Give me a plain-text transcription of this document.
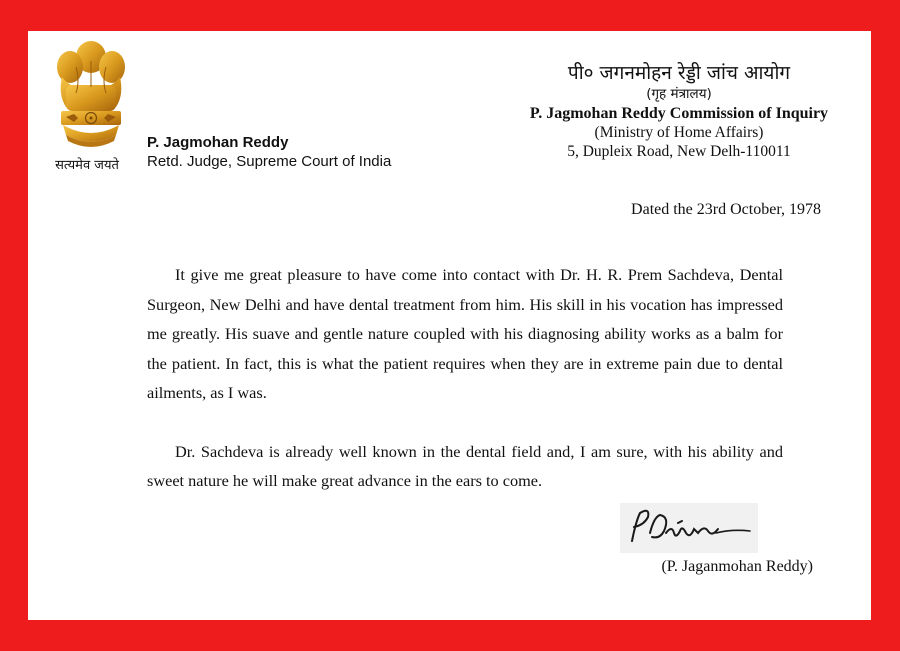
सत्यमेव जयते
P. Jagmohan Reddy
Retd. Judge, Supreme Court of India
पी० जगनमोहन रेड्डी जांच आयोग
(गृह मंत्रालय)
P. Jagmohan Reddy Commission of Inquiry
(Ministry of Home Affairs)
5, Dupleix Road, New Delh-110011
Dated the 23rd October, 1978

It give me great pleasure to have come into contact with Dr. H. R. Prem Sachdeva, Dental Surgeon, New Delhi and have dental treatment from him. His skill in his vocation has impressed me greatly. His suave and gentle nature coupled with his diagnosing ability works as a balm for the patient. In fact, this is what the patient requires when they are in extreme pain due to dental ailments, as I was.

Dr. Sachdeva is already well known in the dental field and, I am sure, with his ability and sweet nature he will make great advance in the ears to come.

(P. Jaganmohan Reddy)
